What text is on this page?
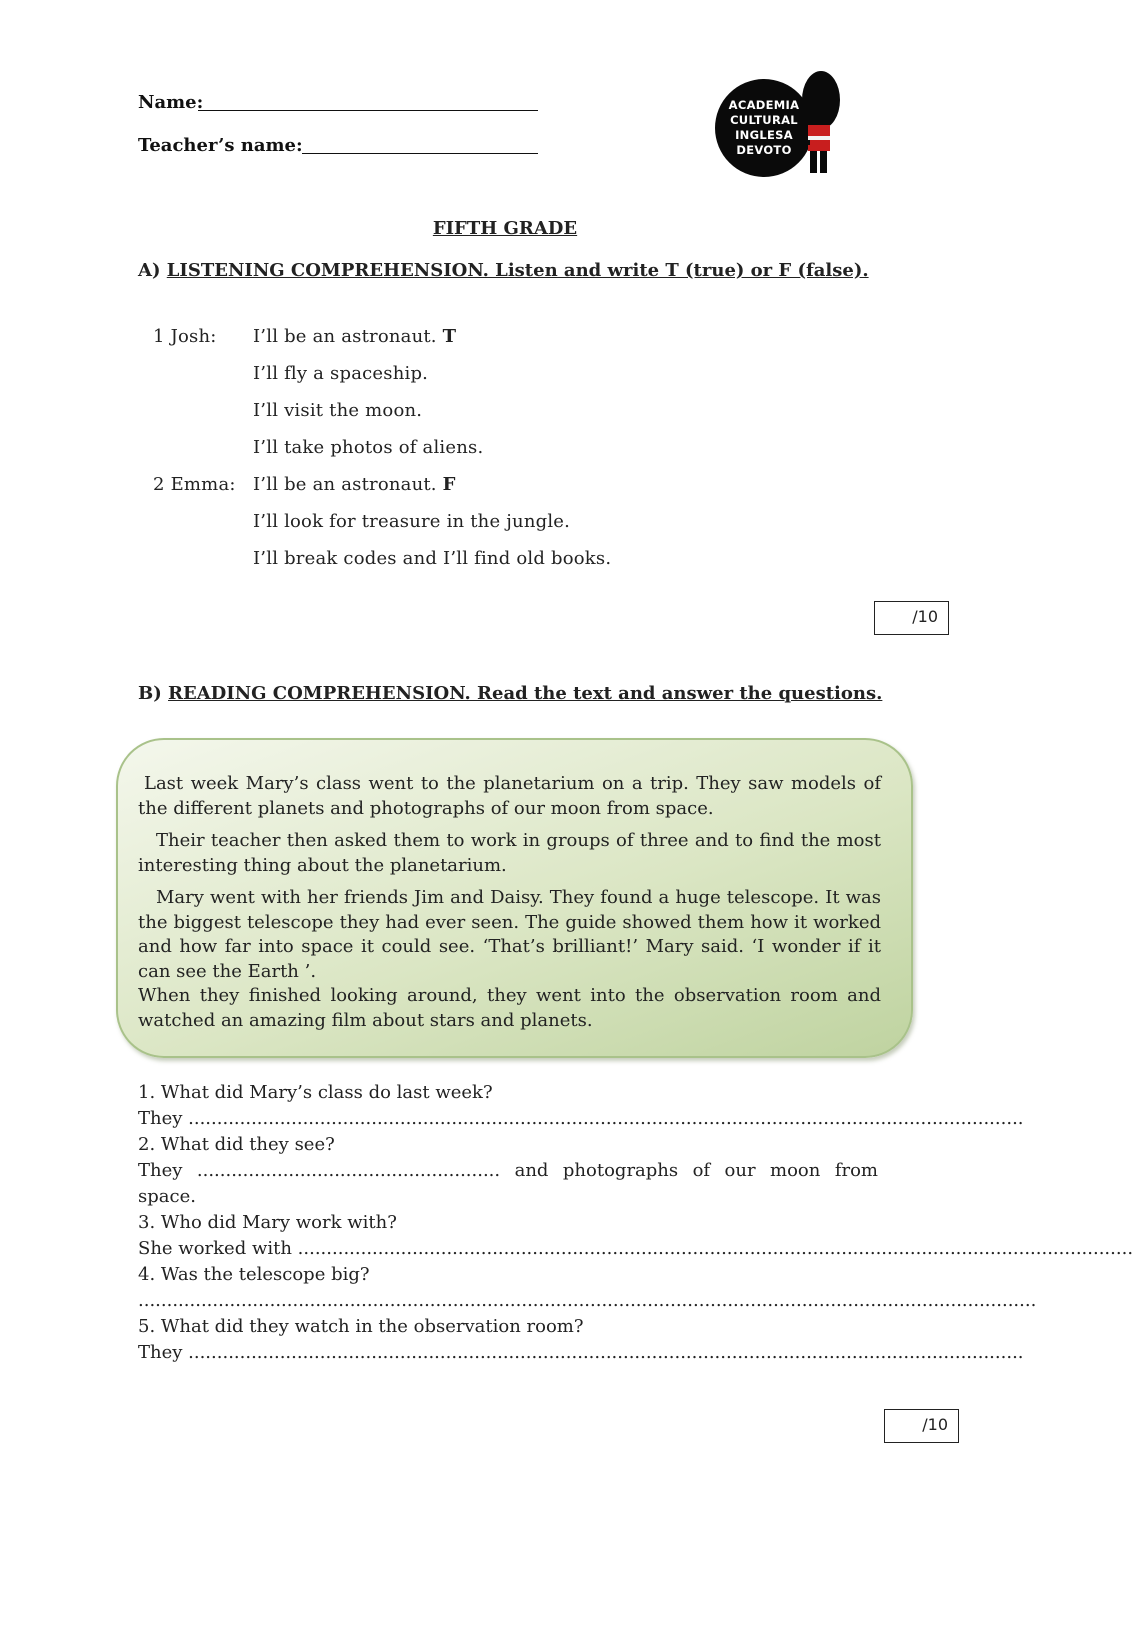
Name:
Teacher’s name:
ACADEMIA
CULTURAL
INGLESA
DEVOTO
FIFTH GRADE
A) LISTENING COMPREHENSION. Listen and write T (true) or F (false).
1 Josh: I’ll be an astronaut. T
I’ll fly a spaceship.
I’ll visit the moon.
I’ll take photos of aliens.
2 Emma: I’ll be an astronaut. F
I’ll look for treasure in the jungle.
I’ll break codes and I’ll find old books.
/10
B) READING COMPREHENSION. Read the text and answer the questions.

Last week Mary’s class went to the planetarium on a trip. They saw models of the different planets and photographs of our moon from space.

Their teacher then asked them to work in groups of three and to find the most interesting thing about the planetarium.

Mary went with her friends Jim and Daisy. They found a huge telescope. It was the biggest telescope they had ever seen. The guide showed them how it worked and how far into space it could see. ‘That’s brilliant!’ Mary said. ‘I wonder if it can see the Earth ’.

When they finished looking around, they went into the observation room and watched an amazing film about stars and planets.

1. What did Mary’s class do last week?
They ..................................................................................................................................................
2. What did they see?
They ..................................................... and photographs of our moon from space.
3. Who did Mary work with?
She worked with ..................................................................................................................................................
4. Was the telescope big?
.............................................................................................................................................................
5. What did they watch in the observation room?
They ..................................................................................................................................................
/10
